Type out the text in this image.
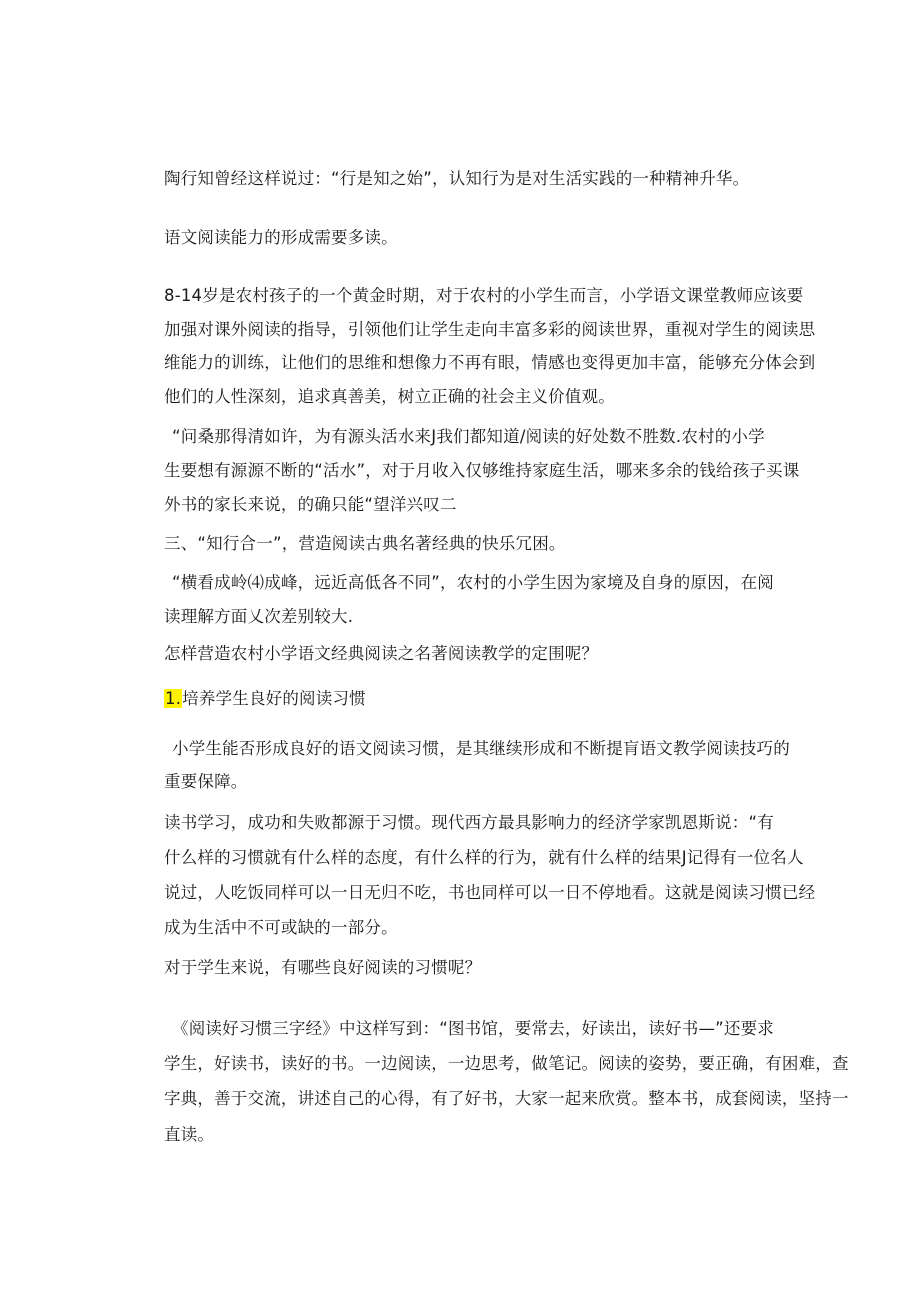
陶行知曾经这样说过：“行是知之始”，认知行为是对生活实践的一种精神升华。
语文阅读能力的形成需要多读。
8-14岁是农村孩子的一个黄金时期，对于农村的小学生而言，小学语文课堂教师应该要
加强对课外阅读的指导，引领他们让学生走向丰富多彩的阅读世界，重视对学生的阅读思
维能力的训练，让他们的思维和想像力不再有眼，情感也变得更加丰富，能够充分体会到
他们的人性深刻，追求真善美，树立正确的社会主义价值观。
“问桑那得清如许，为有源头活水来J我们都知道/阅读的好处数不胜数.农村的小学
生要想有源源不断的“活水”，对于月收入仅够维持家庭生活，哪来多余的钱给孩子买课
外书的家长来说，的确只能“望洋兴叹二
三、“知行合一”，营造阅读古典名著经典的快乐冗困。
“横看成岭⑷成峰，远近高低各不同”，农村的小学生因为家境及自身的原因，在阅
读理解方面乂次差别较大.
怎样营造农村小学语文经典阅读之名著阅读教学的定围呢？
1.培养学生良好的阅读习惯
小学生能否形成良好的语文阅读习惯，是其继续形成和不断提肓语文教学阅读技巧的
重要保障。
读书学习，成功和失败都源于习惯。现代西方最具影响力的经济学家凯恩斯说：“有
什么样的习惯就有什么样的态度，有什么样的行为，就有什么样的结果J记得有一位名人
说过，人吃饭同样可以一日无归不吃，书也同样可以一日不停地看。这就是阅读习惯已经
成为生活中不可或缺的一部分。
对于学生来说，有哪些良好阅读的习惯呢？
《阅读好习惯三字经》中这样写到：“图书馆，要常去，好读岀，读好书—”还要求
学生，好读书，读好的书。一边阅读，一边思考，做笔记。阅读的姿势，要正确，有困难，查
字典，善于交流，讲述自己的心得，有了好书，大家一起来欣赏。整本书，成套阅读，坚持一
直读。
